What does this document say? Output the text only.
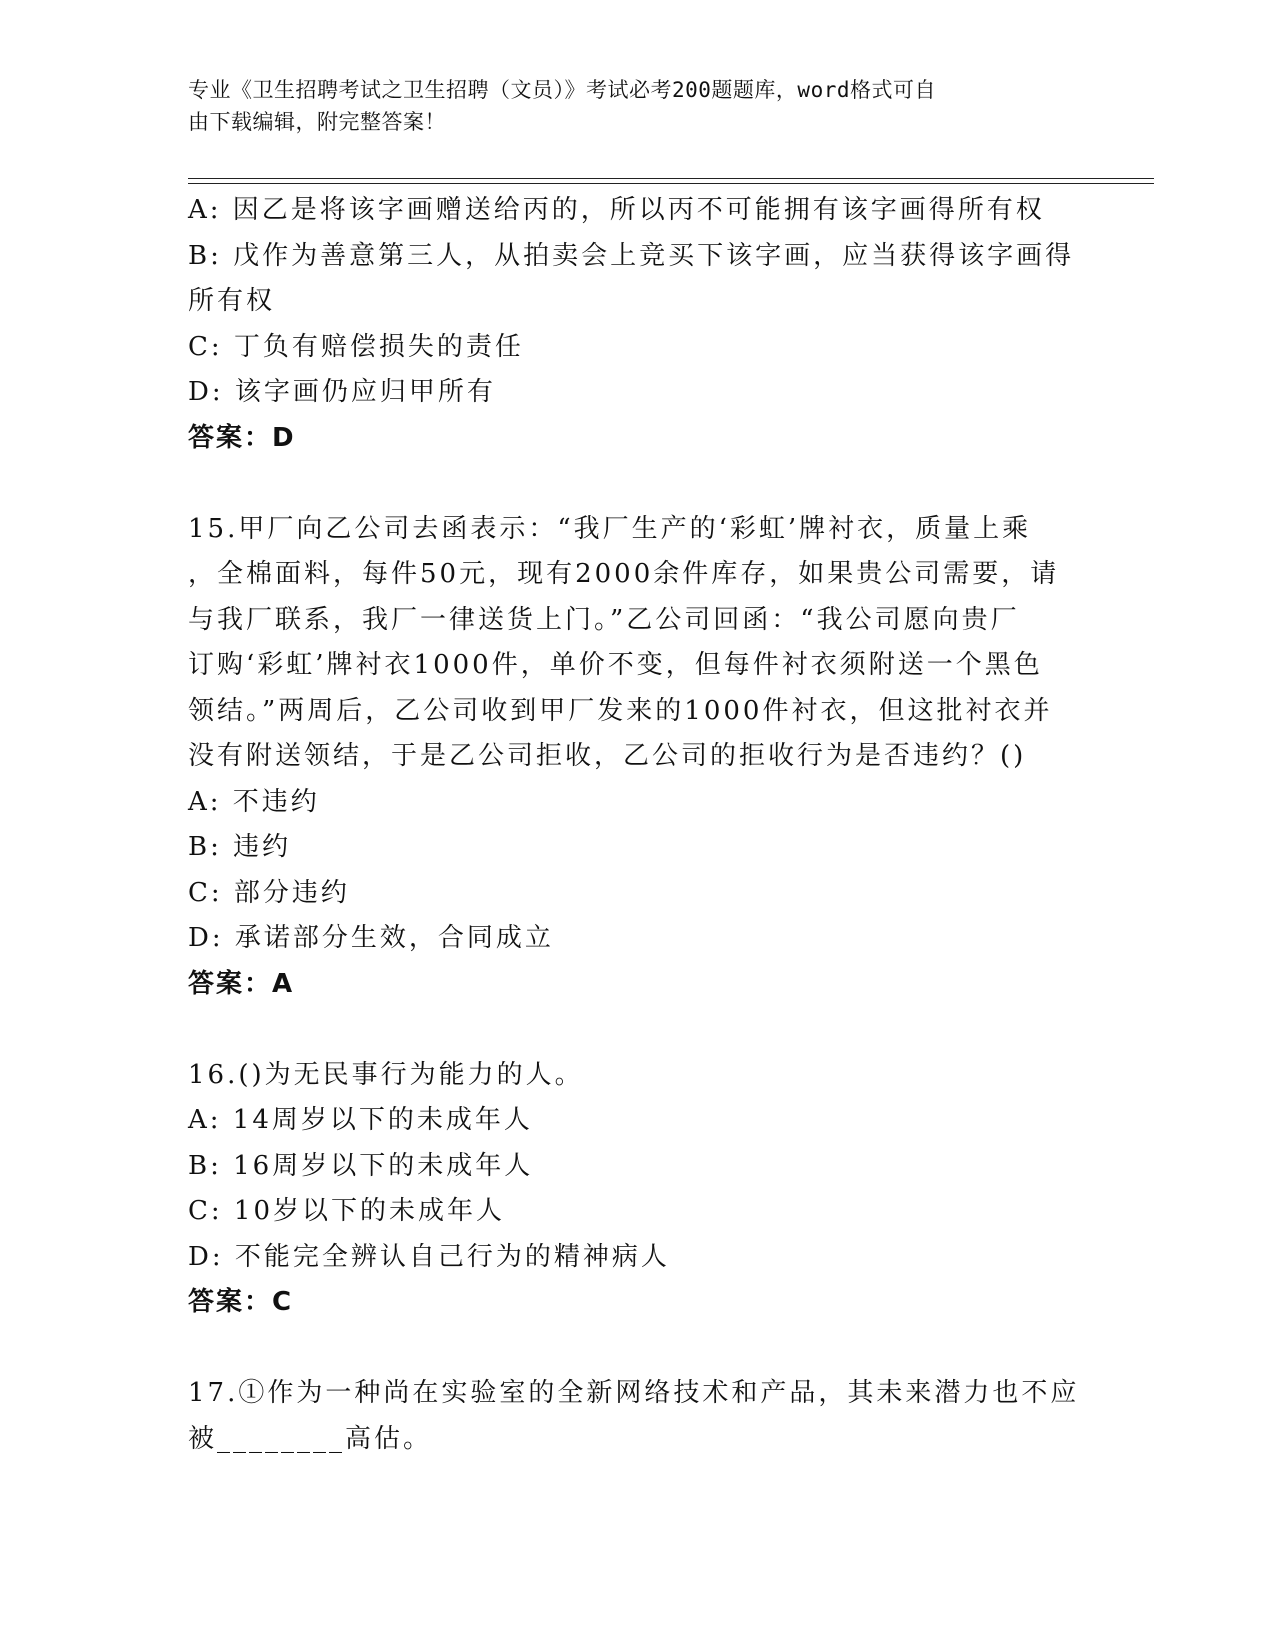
专业《卫生招聘考试之卫生招聘（文员）》考试必考200题题库，word格式可自
由下载编辑，附完整答案！
A: 因乙是将该字画赠送给丙的，所以丙不可能拥有该字画得所有权
B: 戊作为善意第三人，从拍卖会上竞买下该字画，应当获得该字画得
所有权
C: 丁负有赔偿损失的责任
D: 该字画仍应归甲所有
答案：D
15.甲厂向乙公司去函表示：“我厂生产的‘彩虹’牌衬衣，质量上乘
，全棉面料，每件50元，现有2000余件库存，如果贵公司需要，请
与我厂联系，我厂一律送货上门。”乙公司回函：“我公司愿向贵厂
订购‘彩虹’牌衬衣1000件，单价不变，但每件衬衣须附送一个黑色
领结。”两周后，乙公司收到甲厂发来的1000件衬衣，但这批衬衣并
没有附送领结，于是乙公司拒收，乙公司的拒收行为是否违约？()
A: 不违约
B: 违约
C: 部分违约
D: 承诺部分生效，合同成立
答案：A
16.()为无民事行为能力的人。
A: 14周岁以下的未成年人
B: 16周岁以下的未成年人
C: 10岁以下的未成年人
D: 不能完全辨认自己行为的精神病人
答案：C
17.①作为一种尚在实验室的全新网络技术和产品，其未来潜力也不应
被________高估。
